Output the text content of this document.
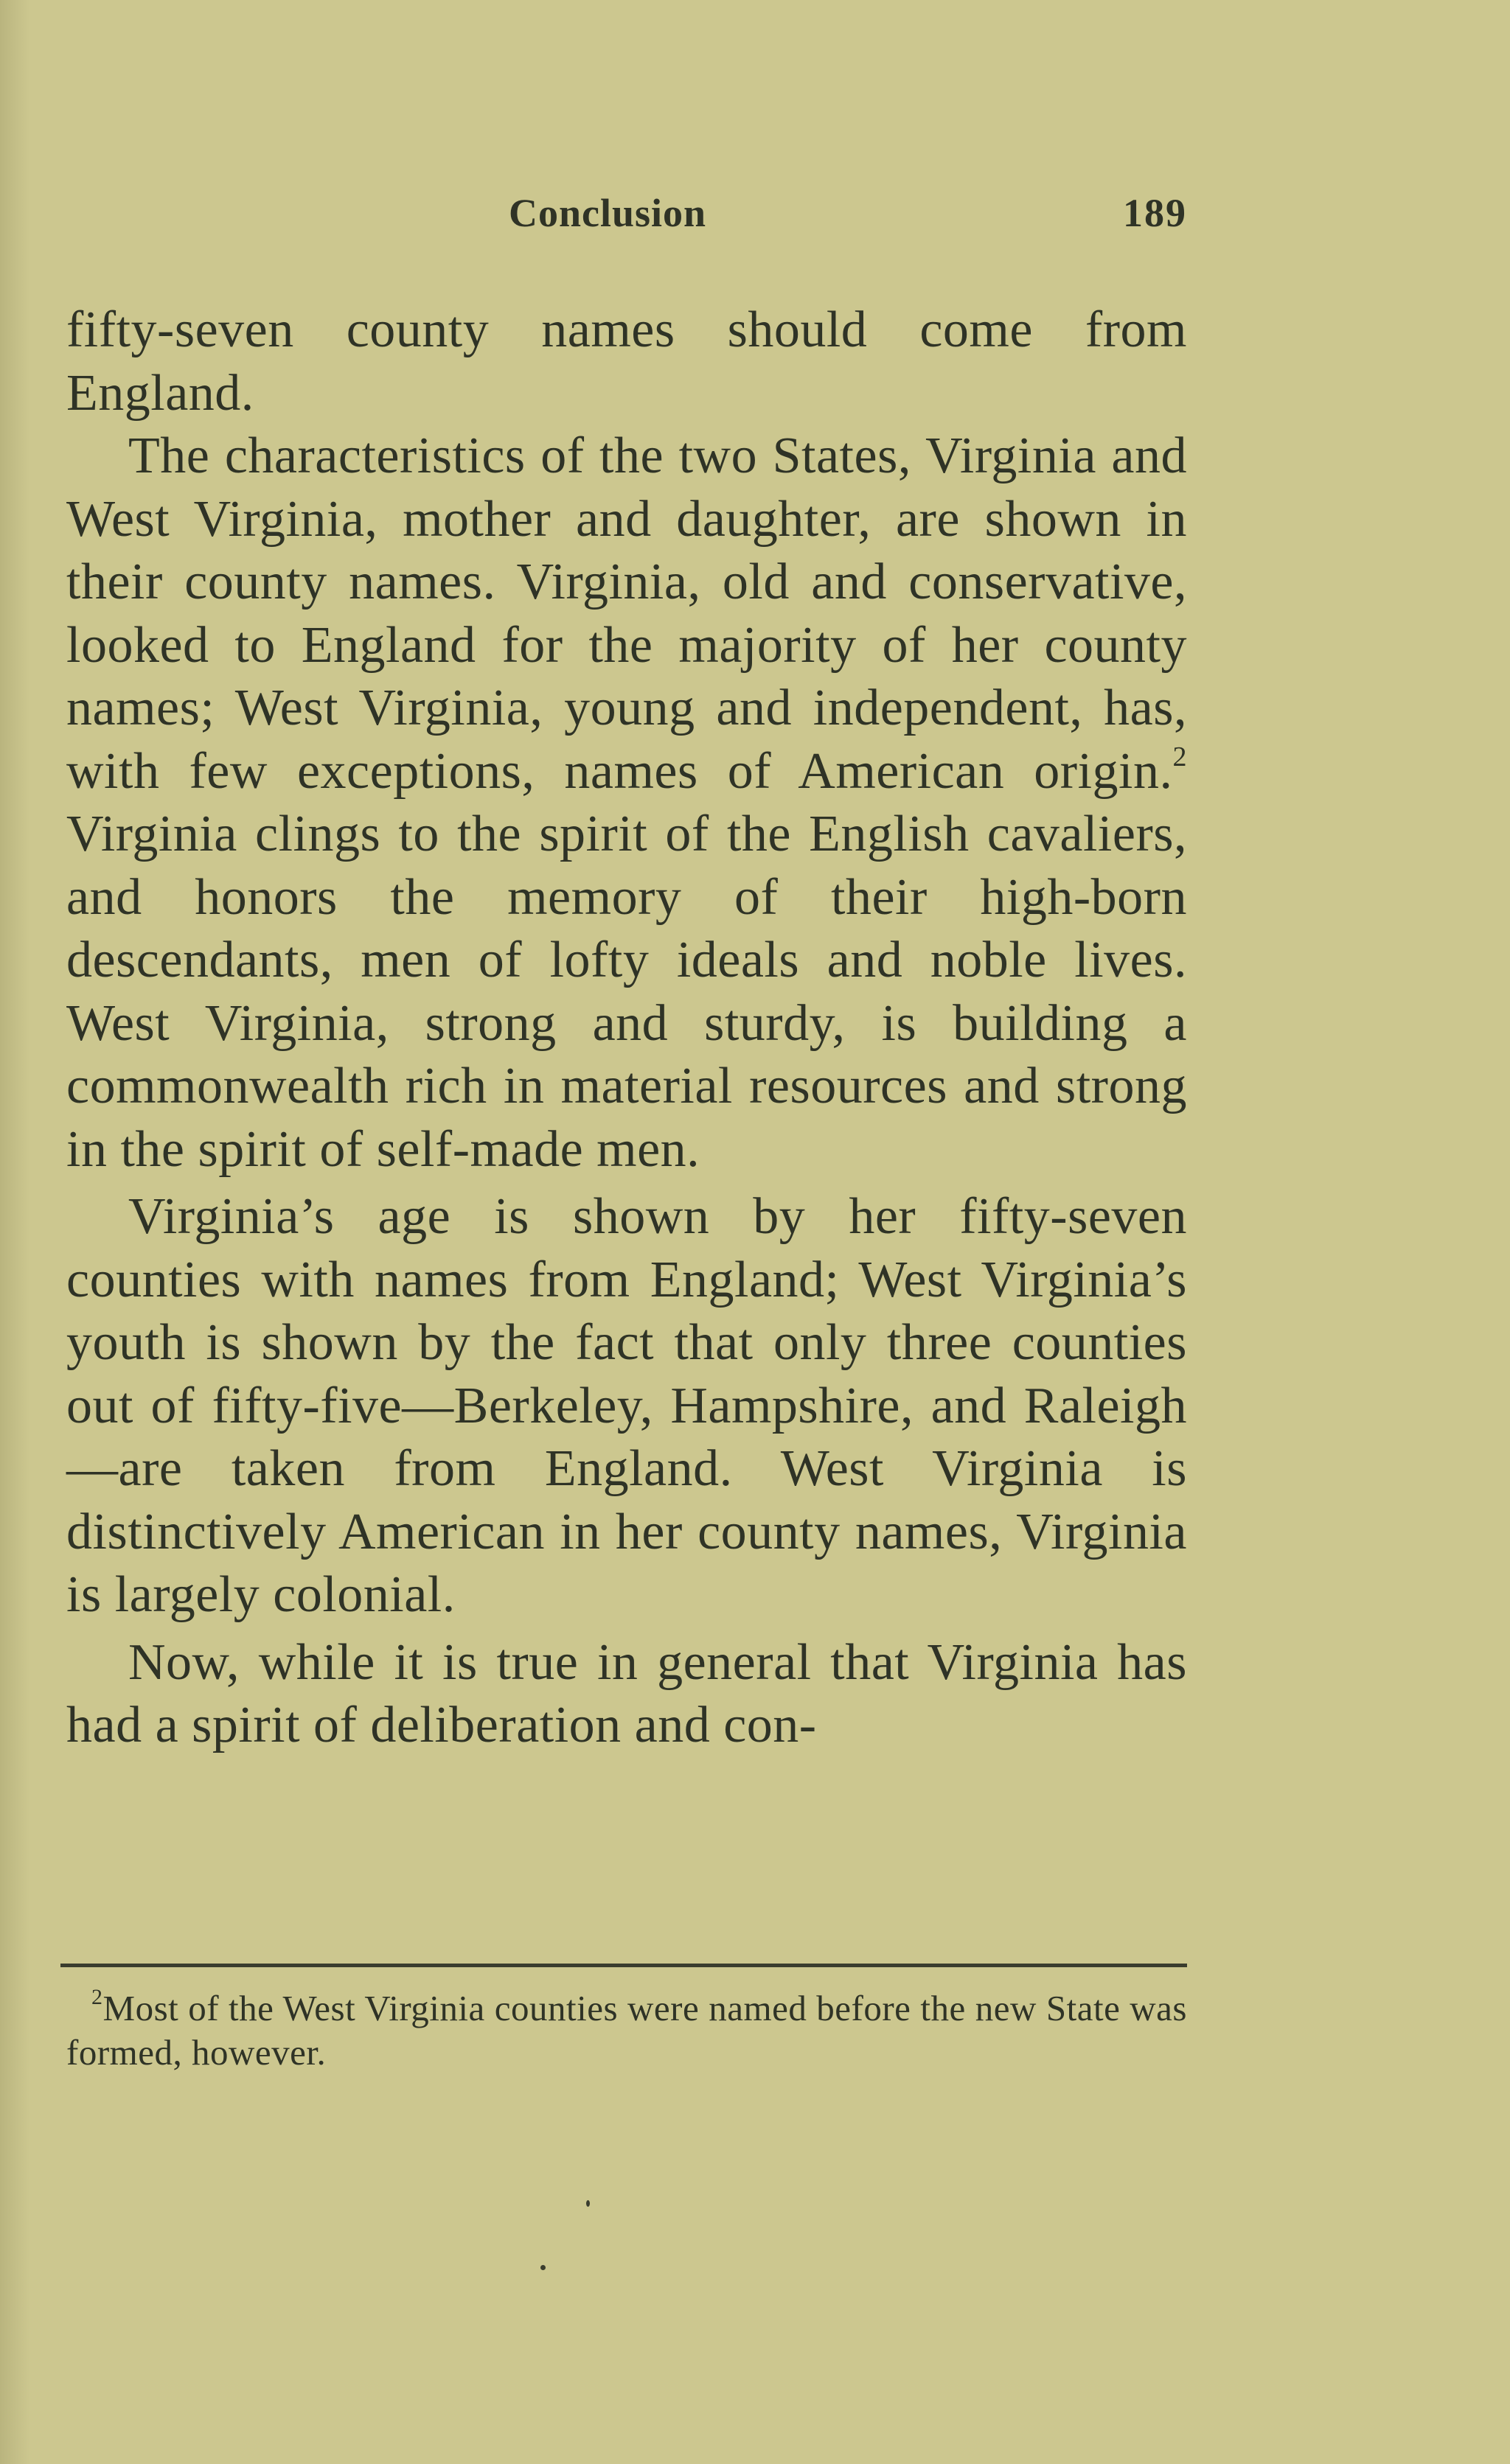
Conclusion	189

fifty-seven county names should come from England.

The characteristics of the two States, Virginia and West Virginia, mother and daughter, are shown in their county names. Virginia, old and conservative, looked to England for the majority of her county names; West Virginia, young and independent, has, with few exceptions, names of American origin.$^2$ Virginia clings to the spirit of the English cavaliers, and honors the memory of their high-born descendants, men of lofty ideals and noble lives. West Virginia, strong and sturdy, is building a commonwealth rich in material resources and strong in the spirit of self-made men.

Virginia’s age is shown by her fifty-seven counties with names from England; West Virginia’s youth is shown by the fact that only three counties out of fifty-five—Berkeley, Hampshire, and Raleigh—are taken from England. West Virginia is distinctively American in her county names, Virginia is largely colonial.

Now, while it is true in general that Virginia has had a spirit of deliberation and con-

$^2$Most of the West Virginia counties were named before the new State was formed, however.
